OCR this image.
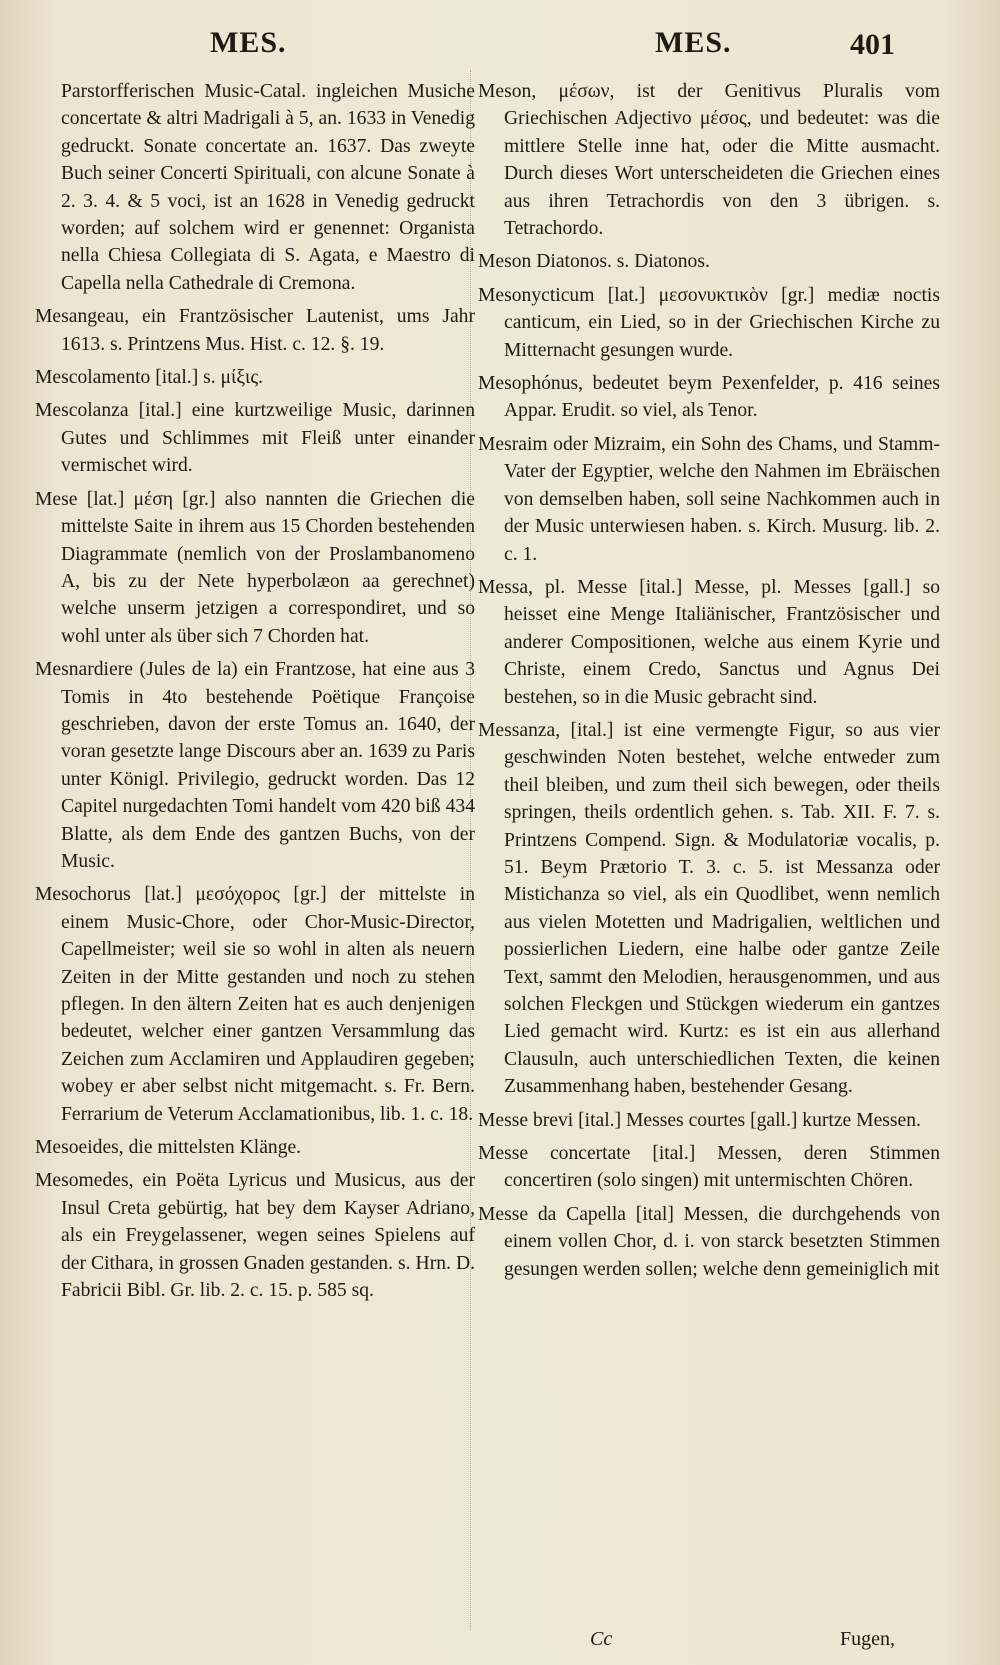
MES.	MES.	401

Parstorfferischen Music-Catal. ingleichen Musiche concertate & altri Madrigali à 5, an. 1633 in Venedig gedruckt. Sonate concertate an. 1637. Das zweyte Buch seiner Concerti Spirituali, con alcune Sonate à 2. 3. 4. & 5 voci, ist an 1628 in Venedig gedruckt worden; auf solchem wird er genennet: Organista nella Chiesa Collegiata di S. Agata, e Maestro di Capella nella Cathedrale di Cremona.

Mesangeau, ein Frantzösischer Lautenist, ums Jahr 1613. s. Printzens Mus. Hist. c. 12. §. 19.

Mescolamento [ital.] s. μίξις.

Mescolanza [ital.] eine kurtzweilige Music, darinnen Gutes und Schlimmes mit Fleiß unter einander vermischet wird.

Mese [lat.] μέση [gr.] also nannten die Griechen die mittelste Saite in ihrem aus 15 Chorden bestehenden Diagrammate (nemlich von der Proslambanomeno A, bis zu der Nete hyperbolæon aa gerechnet) welche unserm jetzigen a correspondiret, und so wohl unter als über sich 7 Chorden hat.

Mesnardiere (Jules de la) ein Frantzose, hat eine aus 3 Tomis in 4to bestehende Poëtique Françoise geschrieben, davon der erste Tomus an. 1640, der voran gesetzte lange Discours aber an. 1639 zu Paris unter Königl. Privilegio, gedruckt worden. Das 12 Capitel nurgedachten Tomi handelt vom 420 biß 434 Blatte, als dem Ende des gantzen Buchs, von der Music.

Mesochorus [lat.] μεσόχορος [gr.] der mittelste in einem Music-Chore, oder Chor-Music-Director, Capellmeister; weil sie so wohl in alten als neuern Zeiten in der Mitte gestanden und noch zu stehen pflegen. In den ältern Zeiten hat es auch denjenigen bedeutet, welcher einer gantzen Versammlung das Zeichen zum Acclamiren und Applaudiren gegeben; wobey er aber selbst nicht mitgemacht. s. Fr. Bern. Ferrarium de Veterum Acclamationibus, lib. 1. c. 18.

Mesoeides, die mittelsten Klänge.

Mesomedes, ein Poëta Lyricus und Musicus, aus der Insul Creta gebürtig, hat bey dem Kayser Adriano, als ein Freygelassener, wegen seines Spielens auf der Cithara, in grossen Gnaden gestanden. s. Hrn. D. Fabricii Bibl. Gr. lib. 2. c. 15. p. 585 sq.

Meson, μέσων, ist der Genitivus Pluralis vom Griechischen Adjectivo μέσος, und bedeutet: was die mittlere Stelle inne hat, oder die Mitte ausmacht. Durch dieses Wort unterscheideten die Griechen eines aus ihren Tetrachordis von den 3 übrigen. s. Tetrachordo.

Meson Diatonos. s. Diatonos.

Mesonycticum [lat.] μεσονυκτικὸν [gr.] mediæ noctis canticum, ein Lied, so in der Griechischen Kirche zu Mitternacht gesungen wurde.

Mesophónus, bedeutet beym Pexenfelder, p. 416 seines Appar. Erudit. so viel, als Tenor.

Mesraim oder Mizraim, ein Sohn des Chams, und Stamm-Vater der Egyptier, welche den Nahmen im Ebräischen von demselben haben, soll seine Nachkommen auch in der Music unterwiesen haben. s. Kirch. Musurg. lib. 2. c. 1.

Messa, pl. Messe [ital.] Messe, pl. Messes [gall.] so heisset eine Menge Italiänischer, Frantzösischer und anderer Compositionen, welche aus einem Kyrie und Christe, einem Credo, Sanctus und Agnus Dei bestehen, so in die Music gebracht sind.

Messanza, [ital.] ist eine vermengte Figur, so aus vier geschwinden Noten bestehet, welche entweder zum theil bleiben, und zum theil sich bewegen, oder theils springen, theils ordentlich gehen. s. Tab. XII. F. 7. s. Printzens Compend. Sign. & Modulatoriæ vocalis, p. 51. Beym Prætorio T. 3. c. 5. ist Messanza oder Mistichanza so viel, als ein Quodlibet, wenn nemlich aus vielen Motetten und Madrigalien, weltlichen und possierlichen Liedern, eine halbe oder gantze Zeile Text, sammt den Melodien, herausgenommen, und aus solchen Fleckgen und Stückgen wiederum ein gantzes Lied gemacht wird. Kurtz: es ist ein aus allerhand Clausuln, auch unterschiedlichen Texten, die keinen Zusammenhang haben, bestehender Gesang.

Messe brevi [ital.] Messes courtes [gall.] kurtze Messen.

Messe concertate [ital.] Messen, deren Stimmen concertiren (solo singen) mit untermischten Chören.

Messe da Capella [ital] Messen, die durchgehends von einem vollen Chor, d. i. von starck besetzten Stimmen gesungen werden sollen; welche denn gemeiniglich mit

Cc	Fugen,
